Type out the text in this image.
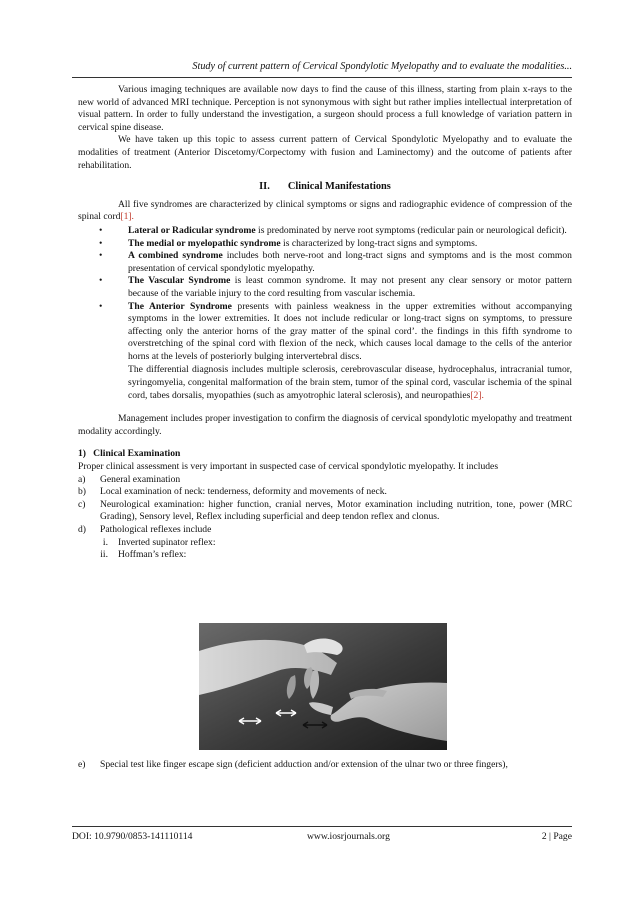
Study of current pattern of Cervical Spondylotic Myelopathy and to evaluate the modalities...

Various imaging techniques are available now days to find the cause of this illness, starting from plain x-rays to the new world of advanced MRI technique. Perception is not synonymous with sight but rather implies intellectual interpretation of visual pattern. In order to fully understand the investigation, a surgeon should process a full knowledge of variation pattern in cervical spine disease.

We have taken up this topic to assess current pattern of Cervical Spondylotic Myelopathy and to evaluate the modalities of treatment (Anterior Discetomy/Corpectomy with fusion and Laminectomy) and the outcome of patients after rehabilitation.

II. Clinical Manifestations

All five syndromes are characterized by clinical symptoms or signs and radiographic evidence of compression of the spinal cord[1].

•	Lateral or Radicular syndrome is predominated by nerve root symptoms (redicular pain or neurological deficit).
•	The medial or myelopathic syndrome is characterized by long-tract signs and symptoms.
•	A combined syndrome includes both nerve-root and long-tract signs and symptoms and is the most common presentation of cervical spondylotic myelopathy.
•	The Vascular Syndrome is least common syndrome. It may not present any clear sensory or motor pattern because of the variable injury to the cord resulting from vascular ischemia.
•	The Anterior Syndrome presents with painless weakness in the upper extremities without accompanying symptoms in the lower extremities. It does not include redicular or long-tract signs on symptoms, to pressure affecting only the anterior horns of the gray matter of the spinal cord’. the findings in this fifth syndrome to overstretching of the spinal cord with flexion of the neck, which causes local damage to the cells of the anterior horns at the levels of posteriorly bulging intervertebral discs.

The differential diagnosis includes multiple sclerosis, cerebrovascular disease, hydrocephalus, intracranial tumor, syringomyelia, congenital malformation of the brain stem, tumor of the spinal cord, vascular ischemia of the spinal cord, tabes dorsalis, myopathies (such as amyotrophic lateral sclerosis), and neuropathies[2].

Management includes proper investigation to confirm the diagnosis of cervical spondylotic myelopathy and treatment modality accordingly.

1)   Clinical Examination

Proper clinical assessment is very important in suspected case of cervical spondylotic myelopathy. It includes

a) General examination
b) Local examination of neck: tenderness, deformity and movements of neck.
c) Neurological examination: higher function, cranial nerves, Motor examination including nutrition, tone, power (MRC Grading), Sensory level, Reflex including superficial and deep tendon reflex and clonus.
d) Pathological reflexes include
i. Inverted supinator reflex:
ii. Hoffman’s reflex:
e) Special test like finger escape sign (deficient adduction and/or extension of the ulnar two or three fingers),
DOI: 10.9790/0853-141110114	www.iosrjournals.org	2 | Page
